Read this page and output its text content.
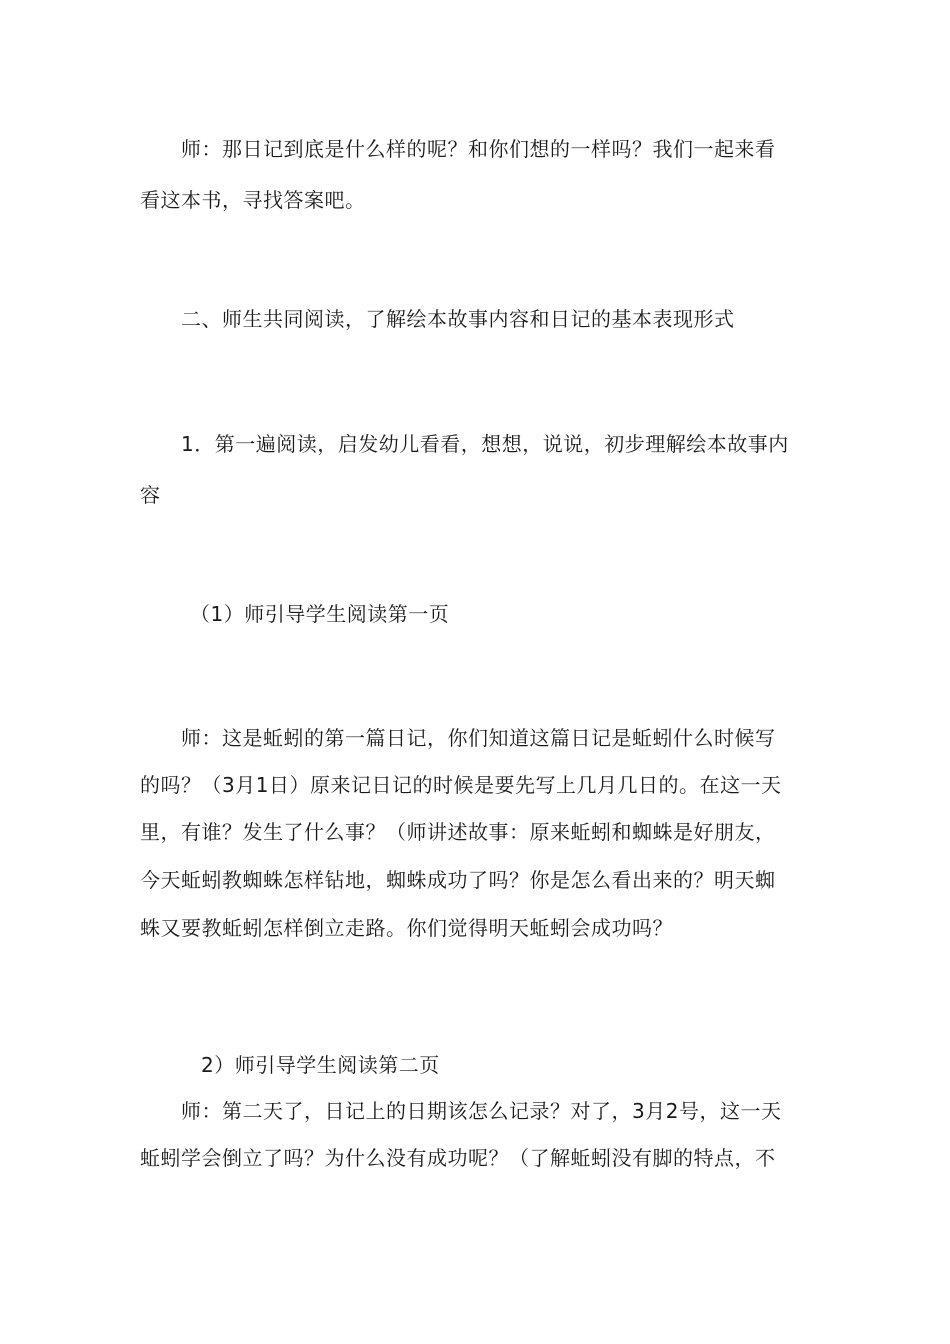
师：那日记到底是什么样的呢？和你们想的一样吗？我们一起来看
看这本书，寻找答案吧。
二、师生共同阅读，了解绘本故事内容和日记的基本表现形式
1．第一遍阅读，启发幼儿看看，想想，说说，初步理解绘本故事内
容
（1）师引导学生阅读第一页
师：这是蚯蚓的第一篇日记，你们知道这篇日记是蚯蚓什么时候写
的吗？（3月1日）原来记日记的时候是要先写上几月几日的。在这一天
里，有谁？发生了什么事？（师讲述故事：原来蚯蚓和蜘蛛是好朋友，
今天蚯蚓教蜘蛛怎样钻地，蜘蛛成功了吗？你是怎么看出来的？明天蜘
蛛又要教蚯蚓怎样倒立走路。你们觉得明天蚯蚓会成功吗？
2）师引导学生阅读第二页
师：第二天了，日记上的日期该怎么记录？对了，3月2号，这一天
蚯蚓学会倒立了吗？为什么没有成功呢？（了解蚯蚓没有脚的特点，不
